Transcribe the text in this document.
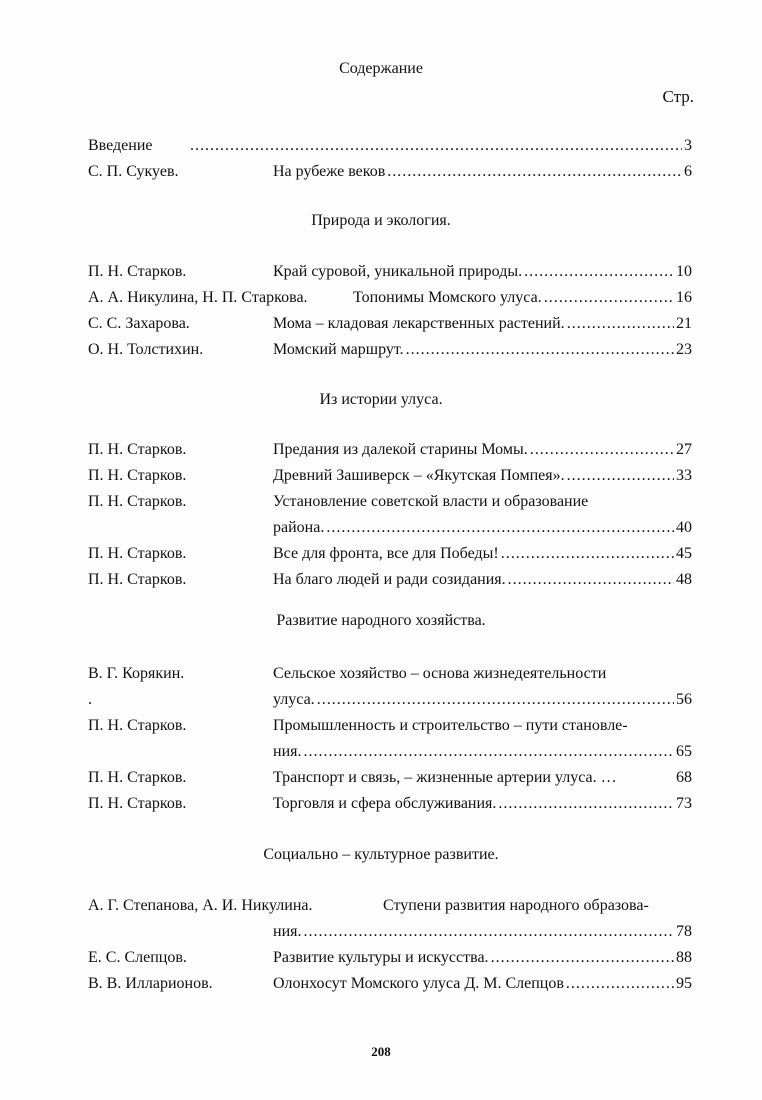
Содержание
Стр.
Введение .....	3
С. П. Сукуев.	На рубеже веков .....	6
Природа и экология.
П. Н. Старков.	Край суровой, уникальной природы. .....	10
А. А. Никулина, Н. П. Старкова.	Топонимы Момского улуса. .....	16
С. С. Захарова.	Мома – кладовая лекарственных растений. .....	21
О. Н. Толстихин.	Момский маршрут. .....	23
Из истории улуса.
П. Н. Старков.	Предания из далекой старины Момы. .....	27
П. Н. Старков.	Древний Зашиверск – «Якутская Помпея». .....	33
П. Н. Старков.	Установление советской власти и образование
района. .....	40
П. Н. Старков.	Все для фронта, все для Победы! .....	45
П. Н. Старков.	На благо людей и ради созидания. .....	48
Развитие народного хозяйства.
В. Г. Корякин.	Сельское хозяйство – основа жизнедеятельности
.	улуса. .....	56
П. Н. Старков.	Промышленность и строительство – пути становле-
ния. .....	65
П. Н. Старков.	Транспорт и связь, – жизненные артерии улуса. …	68
П. Н. Старков.	Торговля и сфера обслуживания. .....	73
Социально – культурное развитие.
А. Г. Степанова, А. И. Никулина.	Ступени развития народного образова-
ния. .....	78
Е. С. Слепцов.	Развитие культуры и искусства. .....	88
В. В. Илларионов.	Олонхосут Момского улуса Д. М. Слепцов .....	95
208
